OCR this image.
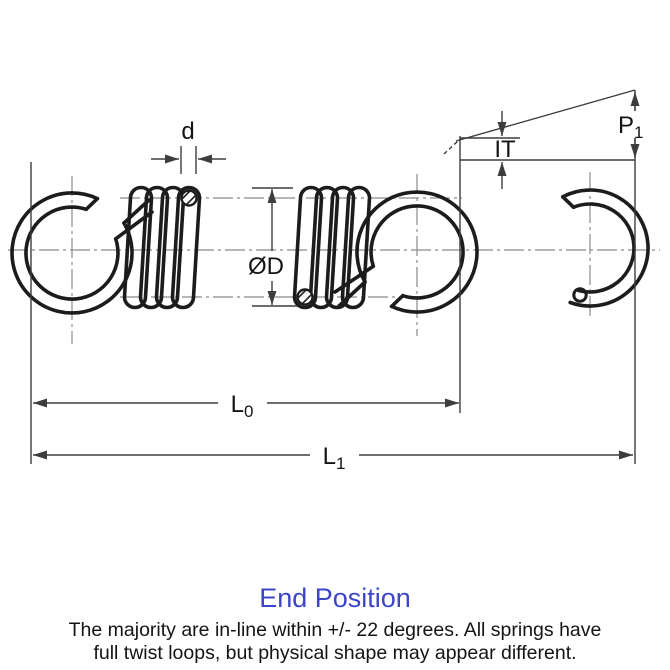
d
ØD
IT
$P_1$
$L_0$
$L_1$
End Position
The majority are in-line within +/- 22 degrees. All springs have
full twist loops, but physical shape may appear different.
